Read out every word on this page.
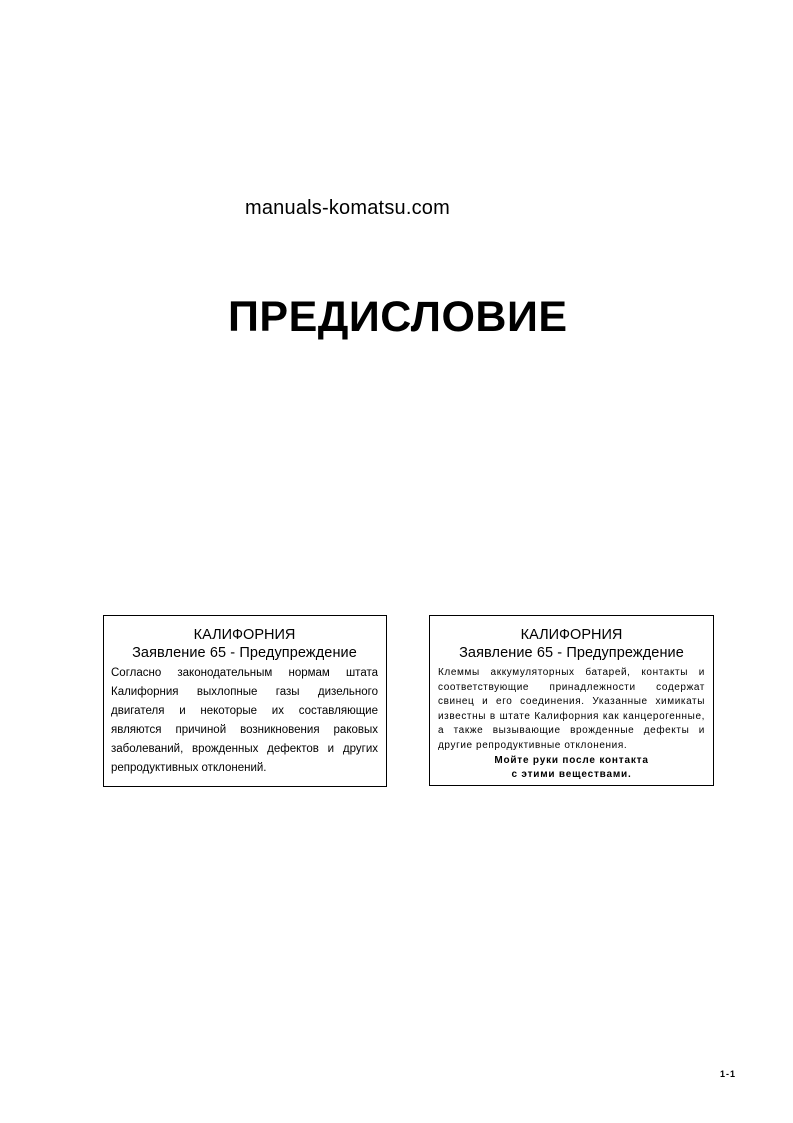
manuals-komatsu.com
ПРЕДИСЛОВИЕ
КАЛИФОРНИЯ
Заявление 65 - Предупреждение
Согласно законодательным нормам штата Калифорния выхлопные газы дизельного двигателя и некоторые их составляющие являются причиной возникновения раковых заболеваний, врожденных дефектов и других репродуктивных отклонений.
КАЛИФОРНИЯ
Заявление 65 - Предупреждение
Клеммы аккумуляторных батарей, контакты и соответствующие принадлежности содержат свинец и его соединения. Указанные химикаты известны в штате Калифорния как канцерогенные, а также вызывающие врожденные дефекты и другие репродуктивные отклонения.
Мойте руки после контакта
с этими веществами.
1-1
